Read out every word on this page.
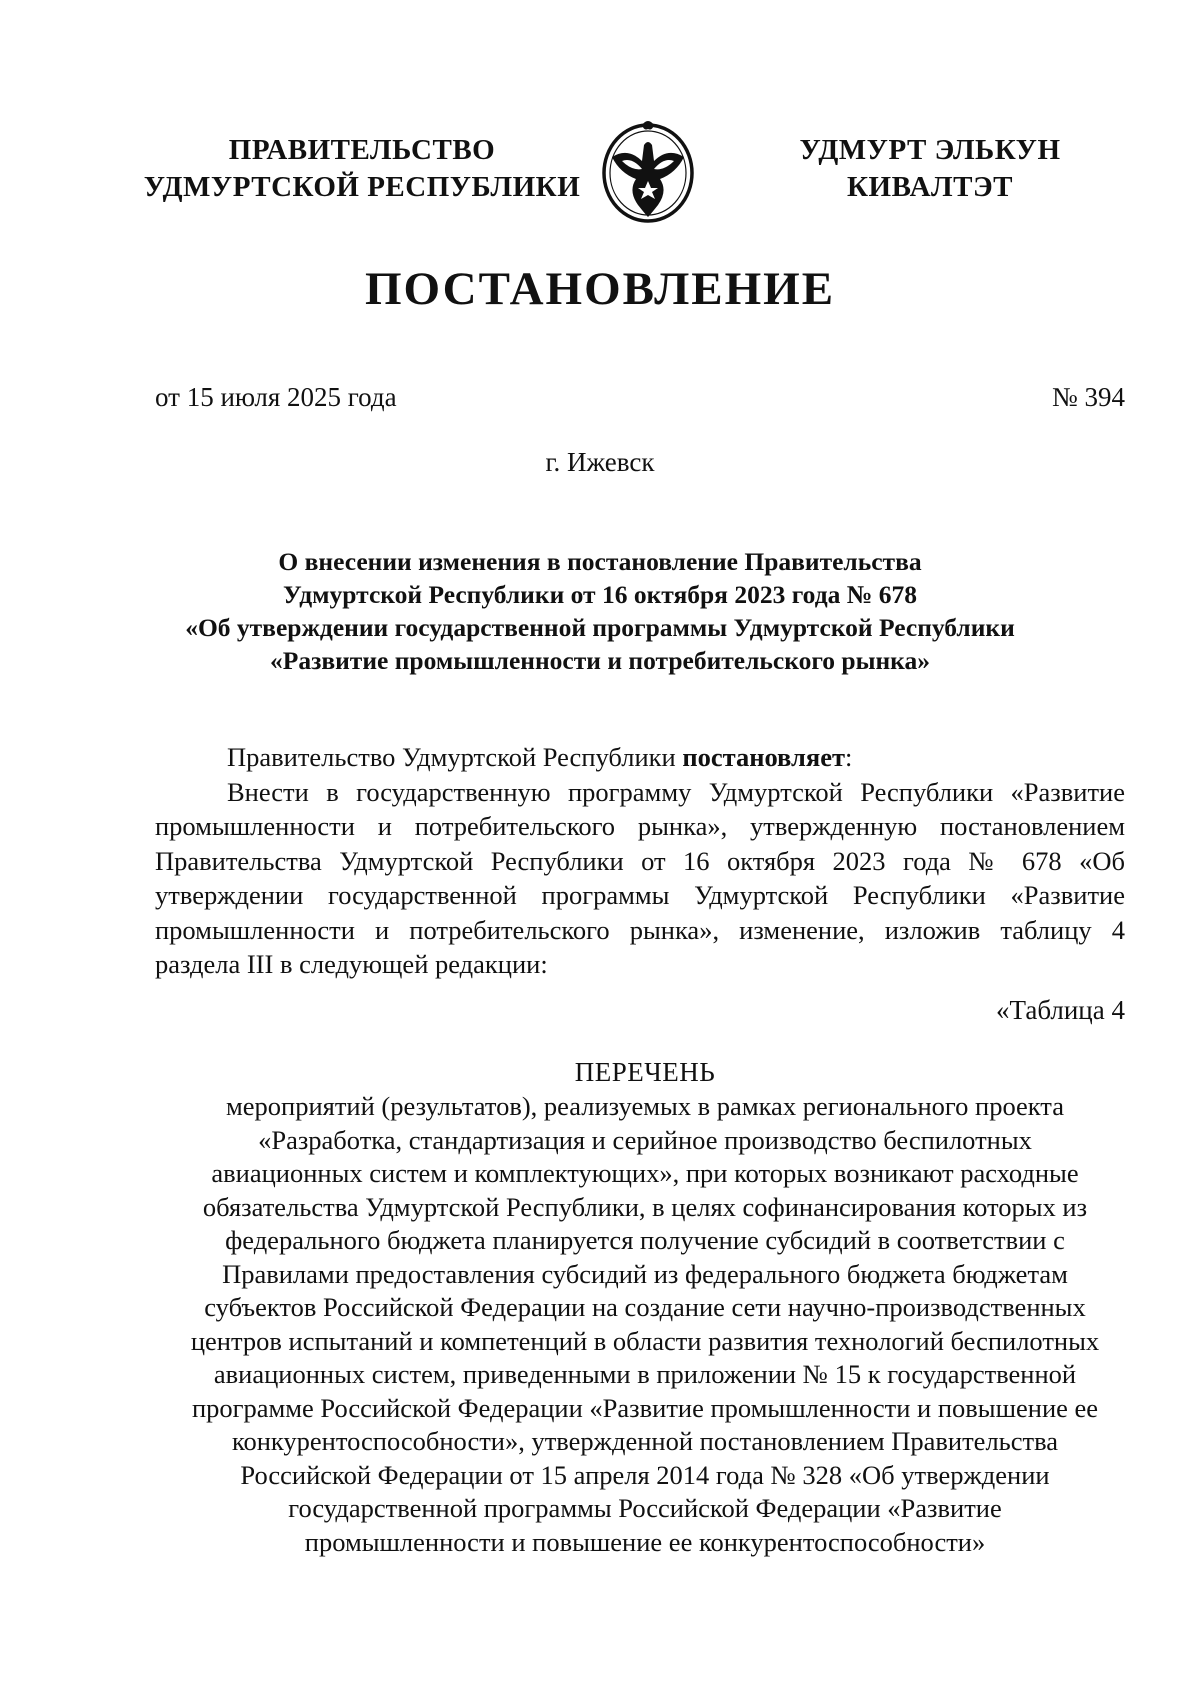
ПРАВИТЕЛЬСТВО
УДМУРТСКОЙ РЕСПУБЛИКИ
УДМУРТ ЭЛЬКУН
КИВАЛТЭТ
ПОСТАНОВЛЕНИЕ
от 15 июля 2025 года	№ 394
г. Ижевск
О внесении изменения в постановление Правительства
Удмуртской Республики от 16 октября 2023 года № 678
«Об утверждении государственной программы Удмуртской Республики
«Развитие промышленности и потребительского рынка»

Правительство Удмуртской Республики постановляет:

Внести в государственную программу Удмуртской Республики «Развитие
промышленности и потребительского рынка», утвержденную постановлением
Правительства Удмуртской Республики от 16 октября 2023 года № 678 «Об
утверждении государственной программы Удмуртской Республики «Развитие
промышленности и потребительского рынка», изменение, изложив таблицу 4
раздела III в следующей редакции:

«Таблица 4
ПЕРЕЧЕНЬ
мероприятий (результатов), реализуемых в рамках регионального проекта
«Разработка, стандартизация и серийное производство беспилотных
авиационных систем и комплектующих», при которых возникают расходные
обязательства Удмуртской Республики, в целях софинансирования которых из
федерального бюджета планируется получение субсидий в соответствии с
Правилами предоставления субсидий из федерального бюджета бюджетам
субъектов Российской Федерации на создание сети научно-производственных
центров испытаний и компетенций в области развития технологий беспилотных
авиационных систем, приведенными в приложении № 15 к государственной
программе Российской Федерации «Развитие промышленности и повышение ее
конкурентоспособности», утвержденной постановлением Правительства
Российской Федерации от 15 апреля 2014 года № 328 «Об утверждении
государственной программы Российской Федерации «Развитие
промышленности и повышение ее конкурентоспособности»
